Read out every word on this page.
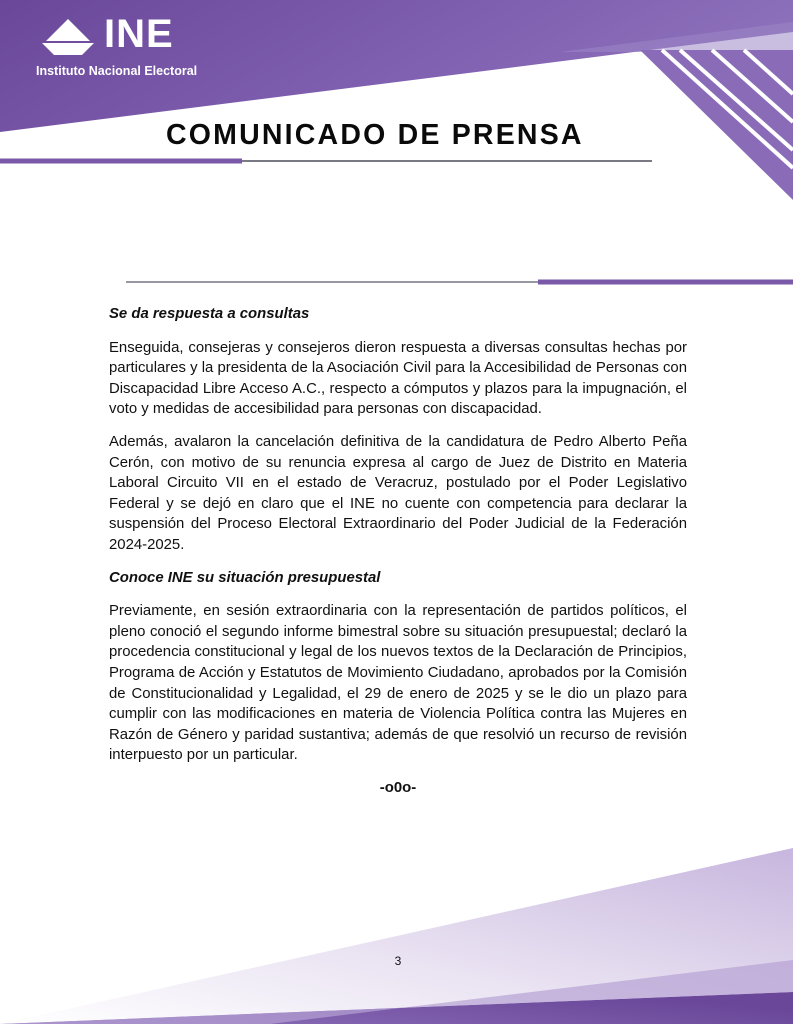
INE
Instituto Nacional Electoral
COMUNICADO DE PRENSA
Se da respuesta a consultas

Enseguida, consejeras y consejeros dieron respuesta a diversas consultas hechas por particulares y la presidenta de la Asociación Civil para la Accesibilidad de Personas con Discapacidad Libre Acceso A.C., respecto a cómputos y plazos para la impugnación, el voto y medidas de accesibilidad para personas con discapacidad.

Además, avalaron la cancelación definitiva de la candidatura de Pedro Alberto Peña Cerón, con motivo de su renuncia expresa al cargo de Juez de Distrito en Materia Laboral Circuito VII en el estado de Veracruz, postulado por el Poder Legislativo Federal y se dejó en claro que el INE no cuente con competencia para declarar la suspensión del Proceso Electoral Extraordinario del Poder Judicial de la Federación 2024-2025.

Conoce INE su situación presupuestal

Previamente, en sesión extraordinaria con la representación de partidos políticos, el pleno conoció el segundo informe bimestral sobre su situación presupuestal; declaró la procedencia constitucional y legal de los nuevos textos de la Declaración de Principios, Programa de Acción y Estatutos de Movimiento Ciudadano, aprobados por la Comisión de Constitucionalidad y Legalidad, el 29 de enero de 2025 y se le dio un plazo para cumplir con las modificaciones en materia de Violencia Política contra las Mujeres en Razón de Género y paridad sustantiva; además de que resolvió un recurso de revisión interpuesto por un particular.

-o0o-
3
